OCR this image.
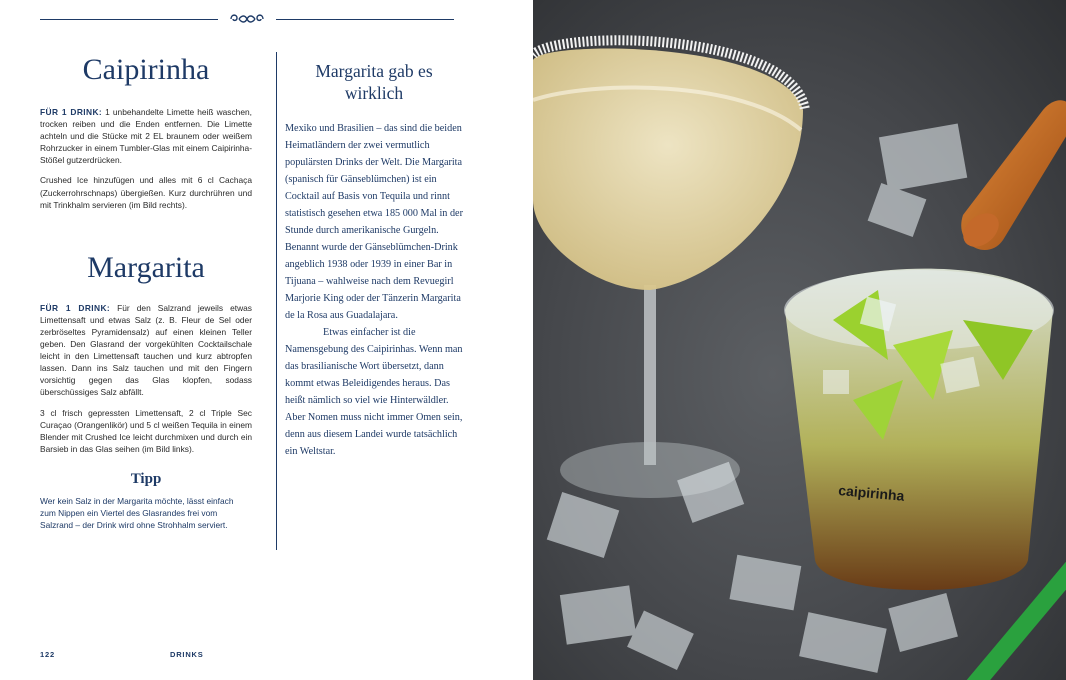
Caipirinha

FÜR 1 DRINK: 1 unbehandelte Limette heiß waschen, trocken reiben und die Enden entfernen. Die Limette achteln und die Stücke mit 2 EL braunem oder weißem Rohrzucker in einem Tumbler-Glas mit einem Caipirinha-Stößel gutzerdrücken.

Crushed Ice hinzufügen und alles mit 6 cl Cachaça (Zuckerrohrschnaps) übergießen. Kurz durchrühren und mit Trinkhalm servieren (im Bild rechts).

Margarita

FÜR 1 DRINK: Für den Salzrand jeweils etwas Limettensaft und etwas Salz (z. B. Fleur de Sel oder zerbröseltes Pyramidensalz) auf einen kleinen Teller geben. Den Glasrand der vorgekühlten Cocktailschale leicht in den Limettensaft tauchen und kurz abtropfen lassen. Dann ins Salz tauchen und mit den Fingern vorsichtig gegen das Glas klopfen, sodass überschüssiges Salz abfällt.

3 cl frisch gepressten Limettensaft, 2 cl Triple Sec Curaçao (Orangenlikör) und 5 cl weißen Tequila in einem Blender mit Crushed Ice leicht durchmixen und durch ein Barsieb in das Glas seihen (im Bild links).

Tipp

Wer kein Salz in der Margarita möchte, lässt einfach zum Nippen ein Viertel des Glasrandes frei vom Salzrand – der Drink wird ohne Strohhalm serviert.

Margarita gab es wirklich

Mexiko und Brasilien – das sind die beiden Heimatländern der zwei vermutlich populärsten Drinks der Welt. Die Margarita (spanisch für Gänseblümchen) ist ein Cocktail auf Basis von Tequila und rinnt statistisch gesehen etwa 185 000 Mal in der Stunde durch amerikanische Gurgeln. Benannt wurde der Gänseblümchen-Drink angeblich 1938 oder 1939 in einer Bar in Tijuana – wahlweise nach dem Revuegirl Marjorie King oder der Tänzerin Margarita de la Rosa aus Guadalajara.

Etwas einfacher ist die Namensgebung des Caipirinhas. Wenn man das brasilianische Wort übersetzt, dann kommt etwas Beleidigendes heraus. Das heißt nämlich so viel wie Hinterwäldler. Aber Nomen muss nicht immer Omen sein, denn aus diesem Landei wurde tatsächlich ein Weltstar.

122	DRINKS
caipirinha
